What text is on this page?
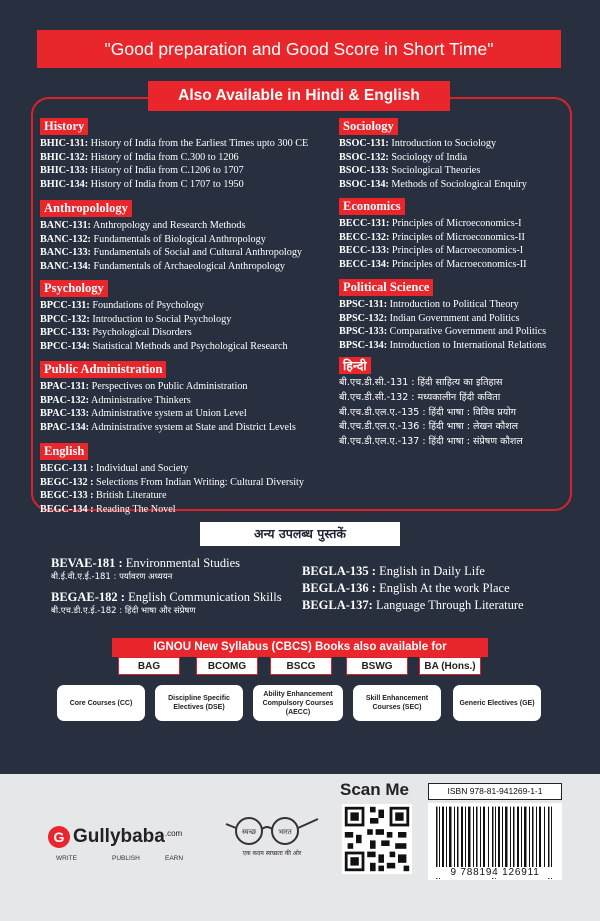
"Good preparation and Good Score in Short Time"
Also Available in Hindi & English
History
BHIC-131: History of India from the Earliest Times upto 300 CE
BHIC-132: History of India from C.300 to 1206
BHIC-133: History of India from C.1206 to 1707
BHIC-134: History of India from C 1707 to 1950
Sociology
BSOC-131: Introduction to Sociology
BSOC-132: Sociology of India
BSOC-133: Sociological Theories
BSOC-134: Methods of Sociological Enquiry
Anthropolology
BANC-131: Anthropology and Research Methods
BANC-132: Fundamentals of Biological Anthropology
BANC-133: Fundamentals of Social and Cultural Anthropology
BANC-134: Fundamentals of Archaeological Anthropology
Economics
BECC-131: Principles of Microeconomics-I
BECC-132: Principles of Microeconomics-II
BECC-133: Principles of Macroeconomics-I
BECC-134: Principles of Macroeconomics-II
Psychology
BPCC-131: Foundations of Psychology
BPCC-132: Introduction to Social Psychology
BPCC-133: Psychological Disorders
BPCC-134: Statistical Methods and Psychological Research
Political Science
BPSC-131: Introduction to Political Theory
BPSC-132: Indian Government and Politics
BPSC-133: Comparative Government and Politics
BPSC-134: Introduction to International Relations
Public Administration
BPAC-131: Perspectives on Public Administration
BPAC-132: Administrative Thinkers
BPAC-133: Administrative system at Union Level
BPAC-134: Administrative system at State and District Levels
हिन्दी
बी.एच.डी.सी.-131 : हिंदी साहित्य का इतिहास
बी.एच.डी.सी.-132 : मध्यकालीन हिंदी कविता
बी.एच.डी.एल.ए.-135 : हिंदी भाषा : विविध प्रयोग
बी.एच.डी.एल.ए.-136 : हिंदी भाषा : लेखन कौशल
बी.एच.डी.एल.ए.-137 : हिंदी भाषा : संप्रेषण कौशल
English
BEGC-131 : Individual and Society
BEGC-132 : Selections From Indian Writing: Cultural Diversity
BEGC-133 : British Literature
BEGC-134 : Reading The Novel
अन्य उपलब्ध पुस्तकें
BEVAE-181 : Environmental Studies
बी.ई.वी.ए.ई.-181 : पर्यावरण अध्ययन
BEGAE-182 : English Communication Skills
बी.एच.डी.ए.ई.-182 : हिंदी भाषा और संप्रेषण
BEGLA-135 : English in Daily Life
BEGLA-136 : English At the work Place
BEGLA-137: Language Through Literature
IGNOU New Syllabus (CBCS) Books also available for
BAG	BCOMG	BSCG	BSWG	BA (Hons.)
Core Courses (CC)
Discipline Specific Electives (DSE)
Ability Enhancement Compulsory Courses (AECC)
Skill Enhancement Courses (SEC)
Generic Electives (GE)
G Gullybaba .com
WRITE	PUBLISH	EARN
स्वच्छ	भारत
एक कदम स्वच्छता की ओर
Scan Me	ISBN 978-81-941269-1-1
9 788194 126911
